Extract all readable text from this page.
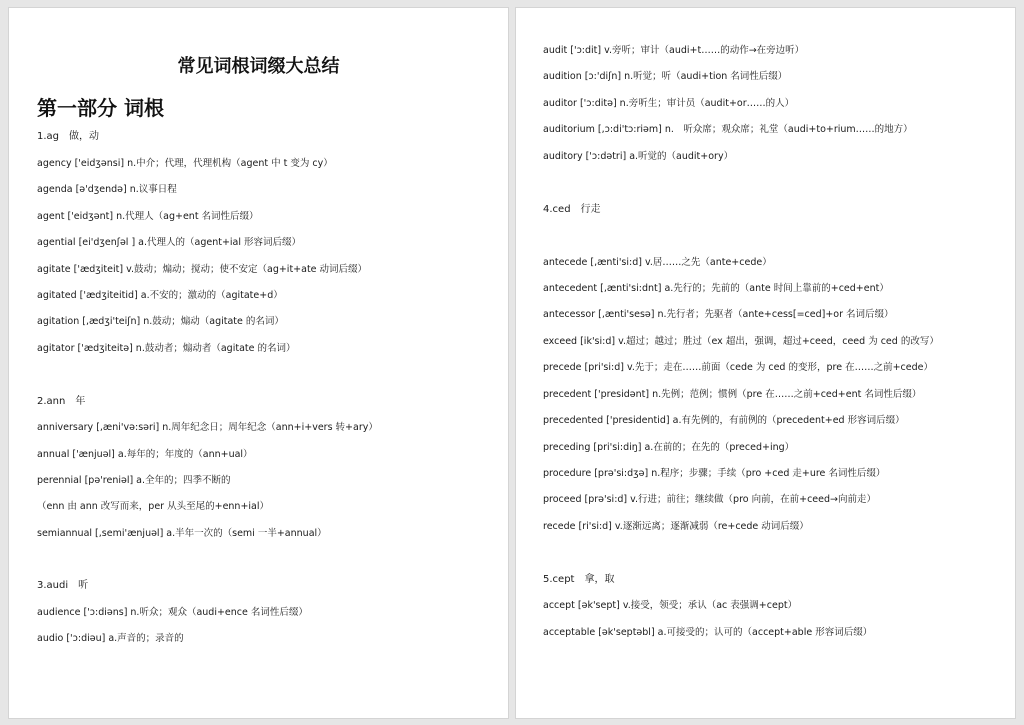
常见词根词缀大总结
第一部分 词根
1.ag　做，动
agency ['eidʒənsi] n.中介；代理，代理机构（agent 中 t 变为 cy）
agenda [ə'dʒendə] n.议事日程
agent ['eidʒənt] n.代理人（ag+ent 名词性后缀）
agential [ei'dʒenʃəl ] a.代理人的（agent+ial 形容词后缀）
agitate ['ædʒiteit] v.鼓动；煽动；搅动；使不安定（ag+it+ate 动词后缀）
agitated ['ædʒiteitid] a.不安的；激动的（agitate+d）
agitation [,ædʒi'teiʃn] n.鼓动；煽动（agitate 的名词）
agitator ['ædʒiteitə] n.鼓动者；煽动者（agitate 的名词）
2.ann　年
anniversary [,æni'və:səri] n.周年纪念日；周年纪念（ann+i+vers 转+ary）
annual ['ænjuəl] a.每年的；年度的（ann+ual）
perennial [pə'reniəl] a.全年的；四季不断的
（enn 由 ann 改写而来，per 从头至尾的+enn+ial）
semiannual [,semi'ænjuəl] a.半年一次的（semi 一半+annual）
3.audi　听
audience ['ɔ:diəns] n.听众；观众（audi+ence 名词性后缀）
audio ['ɔ:diəu] a.声音的；录音的
audit ['ɔ:dit] v.旁听；审计（audi+t……的动作→在旁边听）
audition [ɔ:'diʃn] n.听觉；听（audi+tion 名词性后缀）
auditor ['ɔ:ditə] n.旁听生；审计员（audit+or……的人）
auditorium [,ɔ:di'tɔ:riəm] n.　听众席；观众席；礼堂（audi+to+rium……的地方）
auditory ['ɔ:dətri] a.听觉的（audit+ory）
4.ced　行走
antecede [,ænti'si:d] v.居……之先（ante+cede）
antecedent [,ænti'si:dnt] a.先行的；先前的（ante 时间上靠前的+ced+ent）
antecessor [,ænti'sesə] n.先行者；先驱者（ante+cess[=ced]+or 名词后缀）
exceed [ik'si:d] v.超过；越过；胜过（ex 超出，强调，超过+ceed，ceed 为 ced 的改写）
precede [pri'si:d] v.先于；走在……前面（cede 为 ced 的变形，pre 在……之前+cede）
precedent ['presidənt] n.先例；范例；惯例（pre 在……之前+ced+ent 名词性后缀）
precedented ['presidentid] a.有先例的，有前例的（precedent+ed 形容词后缀）
preceding [pri'si:diŋ] a.在前的；在先的（preced+ing）
procedure [prə'si:dʒə] n.程序；步骤；手续（pro +ced 走+ure 名词性后缀）
proceed [prə'si:d] v.行进；前往；继续做（pro 向前，在前+ceed→向前走）
recede [ri'si:d] v.逐渐远离；逐渐减弱（re+cede 动词后缀）
5.cept　拿，取
accept [ək'sept] v.接受，领受；承认（ac 表强调+cept）
acceptable [ək'septəbl] a.可接受的；认可的（accept+able 形容词后缀）
